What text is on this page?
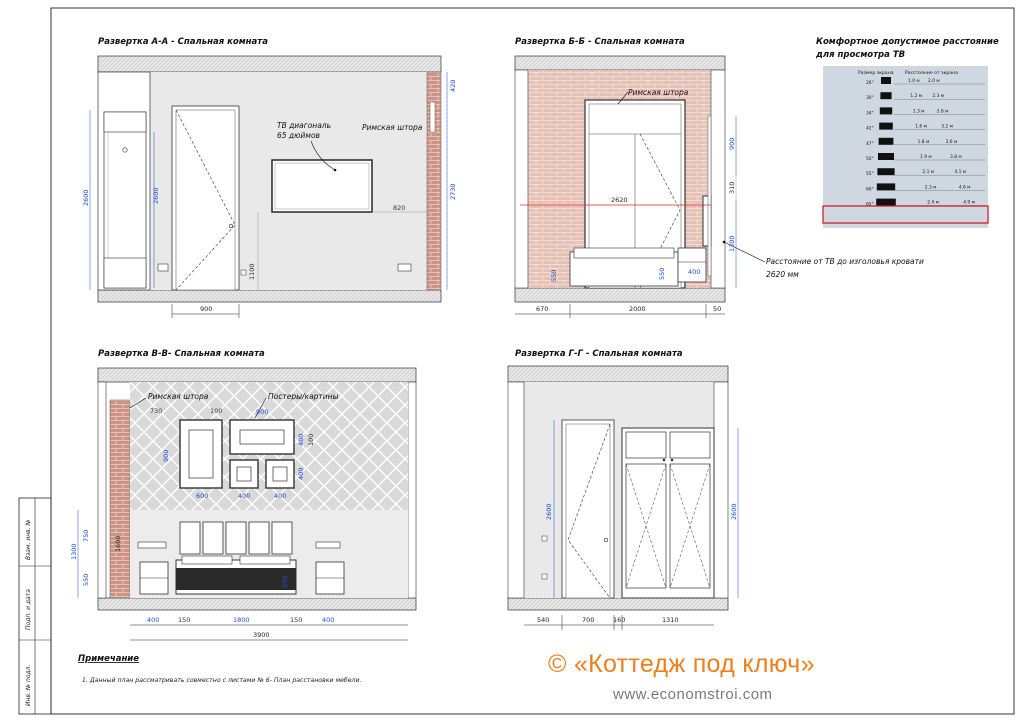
Взам. инв. №
Подп. и дата
Инв. № подл.
Развертка А-А - Спальная комната
ТВ диагональ
65 дюймов
Римская штора
2600	2600
420
2730
820
1100
900
Развертка Б-Б - Спальная комната
2620
Римская штора
Расстояние от ТВ до изголовья кровати
2620 мм
900
310
1300
550	550	400
670	2000	50
Комфортное допустимое расстояние
для просмотра ТВ
Размер экрана Расстояние от экрана
26"	1.0 м 2.0 м
30"	1.2 м 2.3 м
34"	1.3 м	2.6 м
42"	1.6 м	3.2 м
47"	1.8 м	3.6 м
50"	1.9 м	3.8 м
55"	2.1 м	4.1 м
60"	2.3 м	4.6 м
65"	2.4 м	4.9 м
Развертка В-В- Спальная комната
Римская штора	Постеры/картины
730	100	900
900
600	400	400
400
400
100
1600
1300
750
550	550
400	150	1800	150	400
3900
Развертка Г-Г - Спальная комната
2600	2600
540	700	160	1310
Примечание
1. Данный план рассматривать совместно с листами № 6- План расстановки мебели.
© «Коттедж под ключ»
www.economstroi.com
